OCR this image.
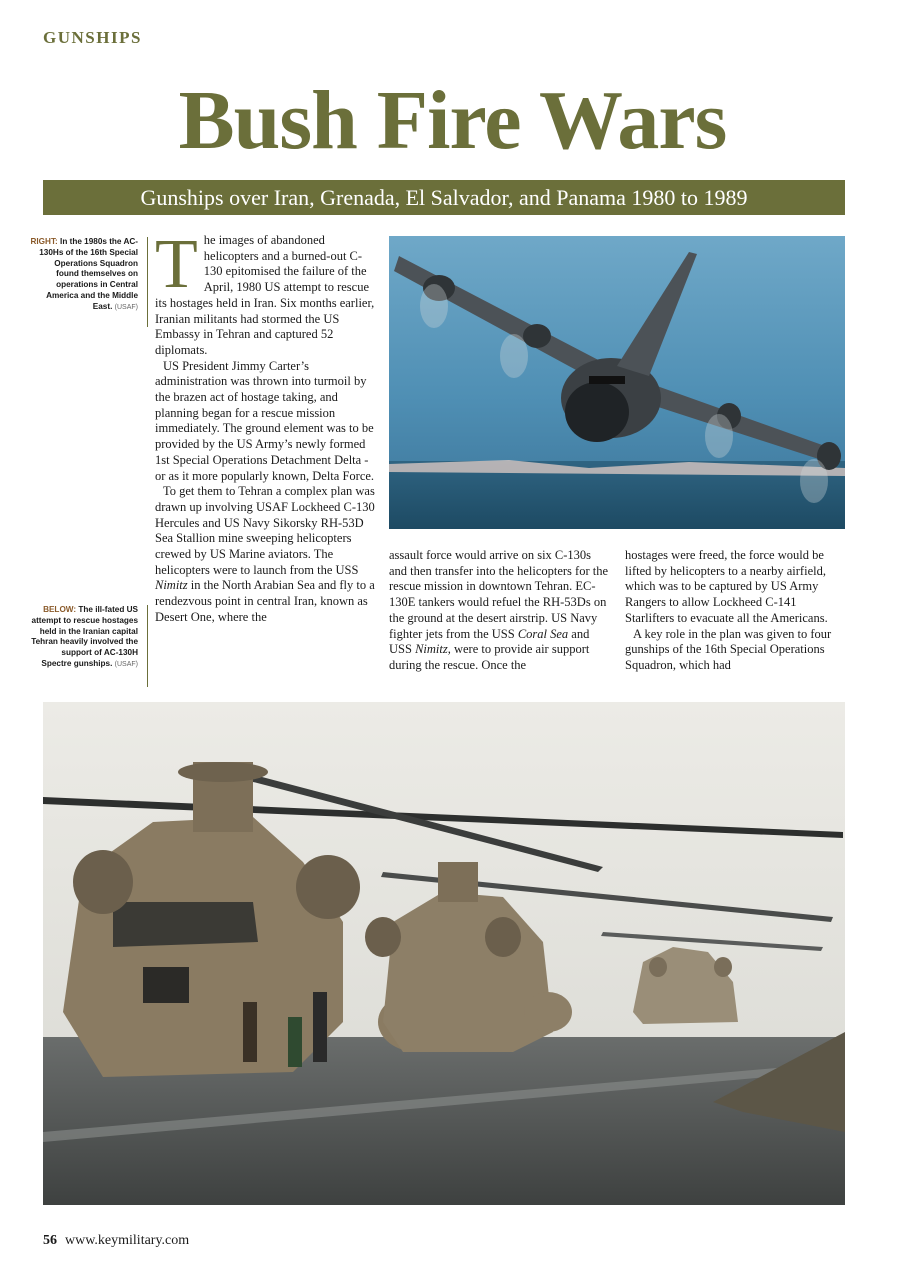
GUNSHIPS
Bush Fire Wars
Gunships over Iran, Grenada, El Salvador, and Panama 1980 to 1989
RIGHT: In the 1980s the AC-130Hs of the 16th Special Operations Squadron found themselves on operations in Central America and the Middle East. (USAF)
BELOW: The ill-fated US attempt to rescue hostages held in the Iranian capital Tehran heavily involved the support of AC-130H Spectre gunships. (USAF)

The images of abandoned helicopters and a burned-out C-130 epitomised the failure of the April, 1980 US attempt to rescue its hostages held in Iran. Six months earlier, Iranian militants had stormed the US Embassy in Tehran and captured 52 diplomats.

US President Jimmy Carter’s administration was thrown into turmoil by the brazen act of hostage taking, and planning began for a rescue mission immediately. The ground element was to be provided by the US Army’s newly formed 1st Special Operations Detachment Delta - or as it more popularly known, Delta Force.

To get them to Tehran a complex plan was drawn up involving USAF Lockheed C-130 Hercules and US Navy Sikorsky RH-53D Sea Stallion mine sweeping helicopters crewed by US Marine aviators. The helicopters were to launch from the USS Nimitz in the North Arabian Sea and fly to a rendezvous point in central Iran, known as Desert One, where the

assault force would arrive on six C-130s and then transfer into the helicopters for the rescue mission in downtown Tehran. EC-130E tankers would refuel the RH-53Ds on the ground at the desert airstrip. US Navy fighter jets from the USS Coral Sea and USS Nimitz, were to provide air support during the rescue. Once the

hostages were freed, the force would be lifted by helicopters to a nearby airfield, which was to be captured by US Army Rangers to allow Lockheed C-141 Starlifters to evacuate all the Americans.

A key role in the plan was given to four gunships of the 16th Special Operations Squadron, which had

56 www.keymilitary.com
